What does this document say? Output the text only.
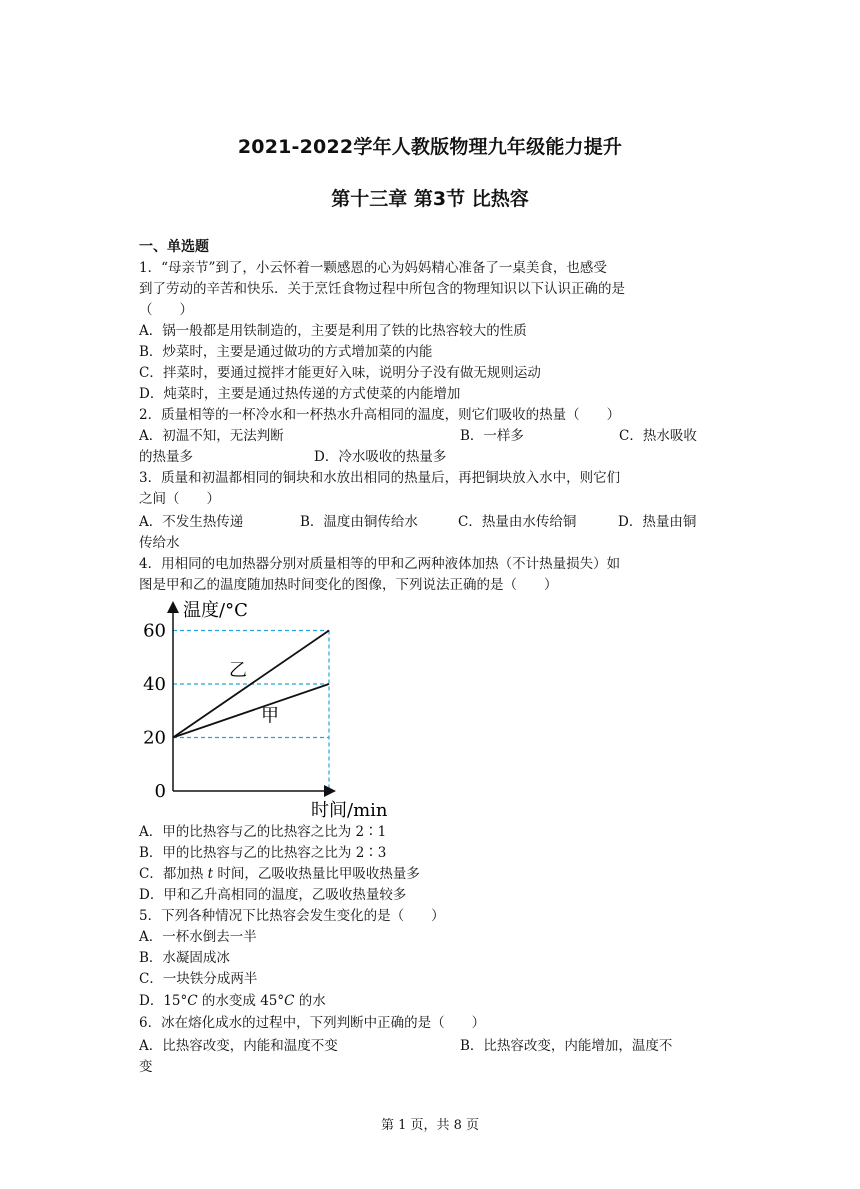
2021-2022学年人教版物理九年级能力提升
第十三章 第3节 比热容
一、单选题
1．“母亲节”到了，小云怀着一颗感恩的心为妈妈精心准备了一桌美食，也感受
到了劳动的辛苦和快乐．关于烹饪食物过程中所包含的物理知识以下认识正确的是
（　　）
A．锅一般都是用铁制造的，主要是利用了铁的比热容较大的性质
B．炒菜时，主要是通过做功的方式增加菜的内能
C．拌菜时，要通过搅拌才能更好入味，说明分子没有做无规则运动
D．炖菜时，主要是通过热传递的方式使菜的内能增加
2．质量相等的一杯冷水和一杯热水升高相同的温度，则它们吸收的热量（　　）
A．初温不知，无法判断	B．一样多	C．热水吸收
的热量多	D．冷水吸收的热量多
3．质量和初温都相同的铜块和水放出相同的热量后，再把铜块放入水中，则它们
之间（　　）
A．不发生热传递	B．温度由铜传给水	C．热量由水传给铜	D．热量由铜
传给水
4．用相同的电加热器分别对质量相等的甲和乙两种液体加热（不计热量损失）如
图是甲和乙的温度随加热时间变化的图像，下列说法正确的是（　　）
温度/°C
时间/min
0
20
40
60
乙
甲
A．甲的比热容与乙的比热容之比为 2∶1
B．甲的比热容与乙的比热容之比为 2∶3
C．都加热 t 时间，乙吸收热量比甲吸收热量多
D．甲和乙升高相同的温度，乙吸收热量较多
5．下列各种情况下比热容会发生变化的是（　　）
A．一杯水倒去一半
B．水凝固成冰
C．一块铁分成两半
D．15°C 的水变成 45°C 的水
6．冰在熔化成水的过程中，下列判断中正确的是（　　）
A．比热容改变，内能和温度不变	B．比热容改变，内能增加，温度不
变
第 1 页，共 8 页
